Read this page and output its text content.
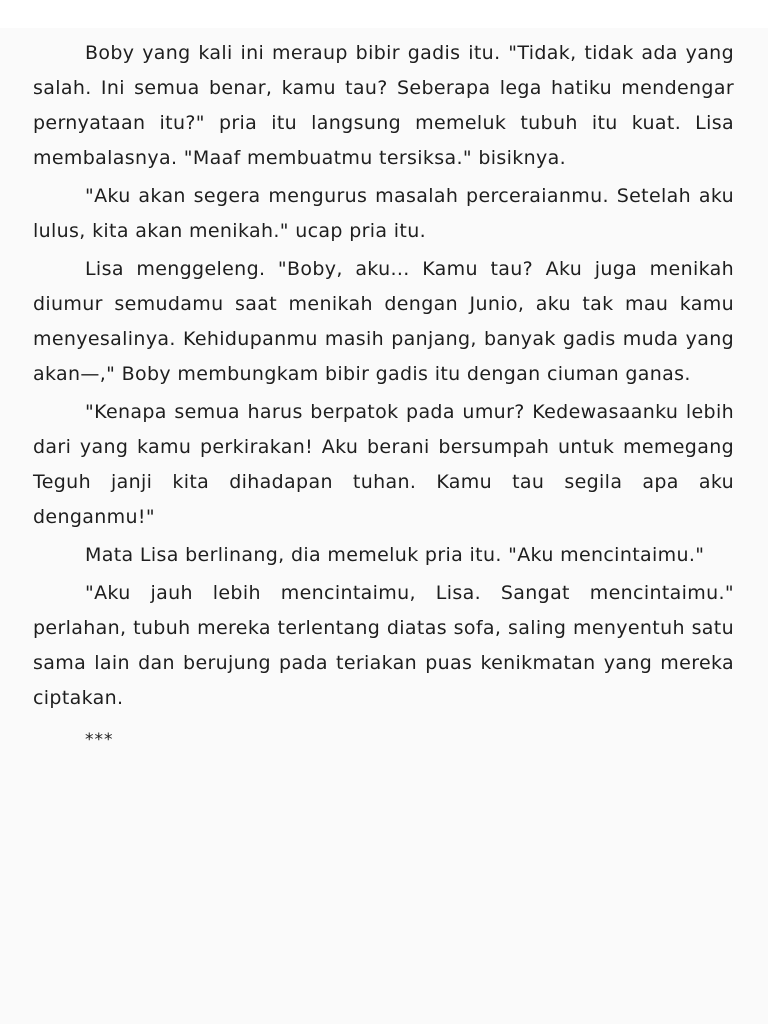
Boby yang kali ini meraup bibir gadis itu. "Tidak, tidak ada yang salah. Ini semua benar, kamu tau? Seberapa lega hatiku mendengar pernyataan itu?" pria itu langsung memeluk tubuh itu kuat. Lisa membalasnya. "Maaf membuatmu tersiksa." bisiknya.

"Aku akan segera mengurus masalah perceraianmu. Setelah aku lulus, kita akan menikah." ucap pria itu.

Lisa menggeleng. "Boby, aku... Kamu tau? Aku juga menikah diumur semudamu saat menikah dengan Junio, aku tak mau kamu menyesalinya. Kehidupanmu masih panjang, banyak gadis muda yang akan—," Boby membungkam bibir gadis itu dengan ciuman ganas.

"Kenapa semua harus berpatok pada umur? Kedewasaanku lebih dari yang kamu perkirakan! Aku berani bersumpah untuk memegang Teguh janji kita dihadapan tuhan. Kamu tau segila apa aku denganmu!"

Mata Lisa berlinang, dia memeluk pria itu. "Aku mencintaimu."

"Aku jauh lebih mencintaimu, Lisa. Sangat mencintaimu." perlahan, tubuh mereka terlentang diatas sofa, saling menyentuh satu sama lain dan berujung pada teriakan puas kenikmatan yang mereka ciptakan.

***
